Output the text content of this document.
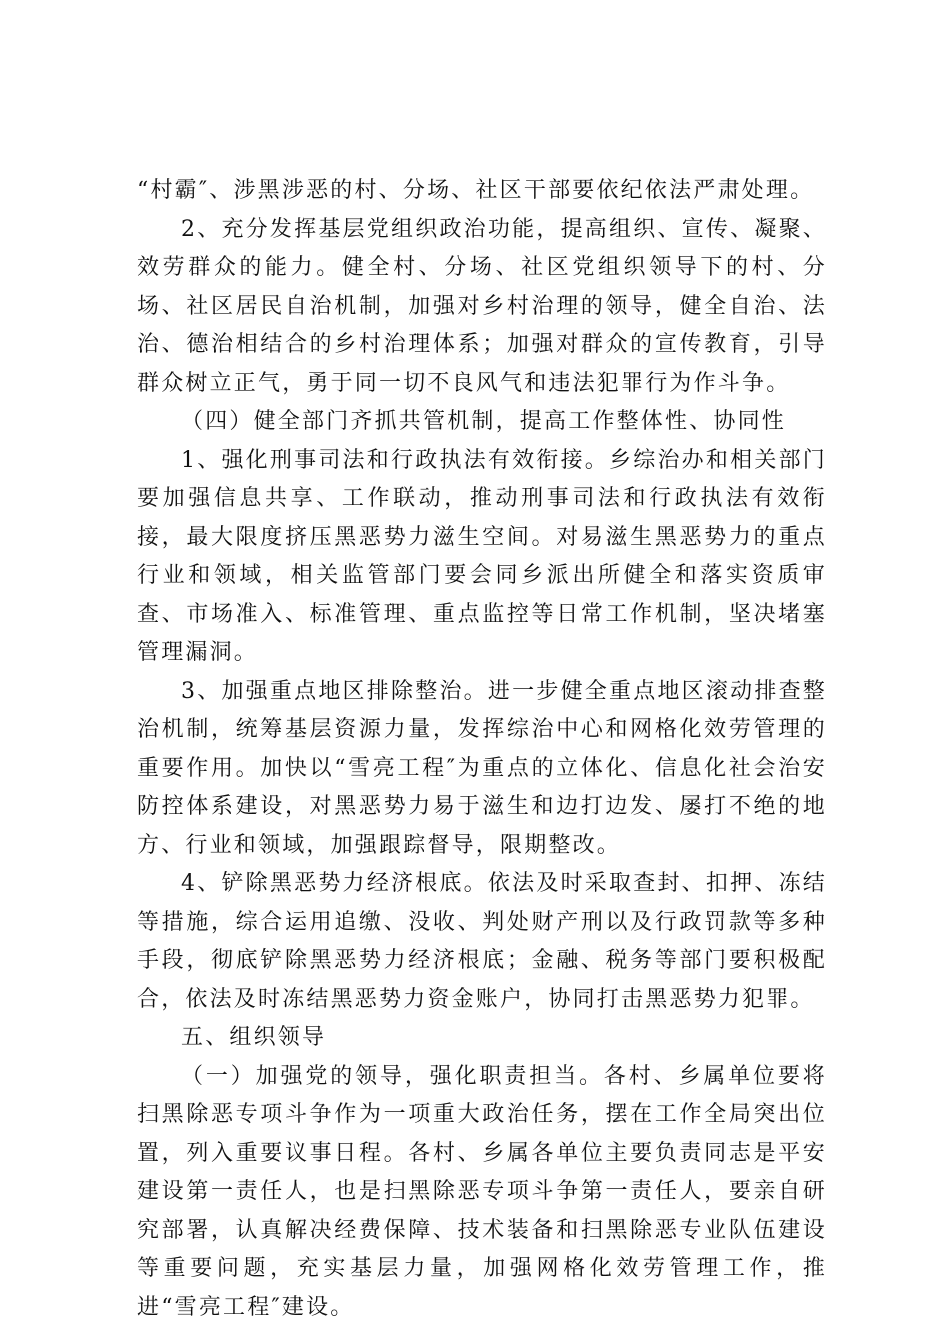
“村霸″、涉黑涉恶的村、分场、社区干部要依纪依法严肃处理。

2、充分发挥基层党组织政治功能，提高组织、宣传、凝聚、效劳群众的能力。健全村、分场、社区党组织领导下的村、分场、社区居民自治机制，加强对乡村治理的领导，健全自治、法治、德治相结合的乡村治理体系；加强对群众的宣传教育，引导群众树立正气，勇于同一切不良风气和违法犯罪行为作斗争。

（四）健全部门齐抓共管机制，提高工作整体性、协同性

1、强化刑事司法和行政执法有效衔接。乡综治办和相关部门要加强信息共享、工作联动，推动刑事司法和行政执法有效衔接，最大限度挤压黑恶势力滋生空间。对易滋生黑恶势力的重点行业和领域，相关监管部门要会同乡派出所健全和落实资质审查、市场准入、标准管理、重点监控等日常工作机制，坚决堵塞管理漏洞。

3、加强重点地区排除整治。进一步健全重点地区滚动排查整治机制，统筹基层资源力量，发挥综治中心和网格化效劳管理的重要作用。加快以“雪亮工程″为重点的立体化、信息化社会治安防控体系建设，对黑恶势力易于滋生和边打边发、屡打不绝的地方、行业和领域，加强跟踪督导，限期整改。

4、铲除黑恶势力经济根底。依法及时采取查封、扣押、冻结等措施，综合运用追缴、没收、判处财产刑以及行政罚款等多种手段，彻底铲除黑恶势力经济根底；金融、税务等部门要积极配合，依法及时冻结黑恶势力资金账户，协同打击黑恶势力犯罪。

五、组织领导

（一）加强党的领导，强化职责担当。各村、乡属单位要将扫黑除恶专项斗争作为一项重大政治任务，摆在工作全局突出位置，列入重要议事日程。各村、乡属各单位主要负责同志是平安建设第一责任人，也是扫黑除恶专项斗争第一责任人，要亲自研究部署，认真解决经费保障、技术装备和扫黑除恶专业队伍建设等重要问题，充实基层力量，加强网格化效劳管理工作，推进“雪亮工程″建设。
